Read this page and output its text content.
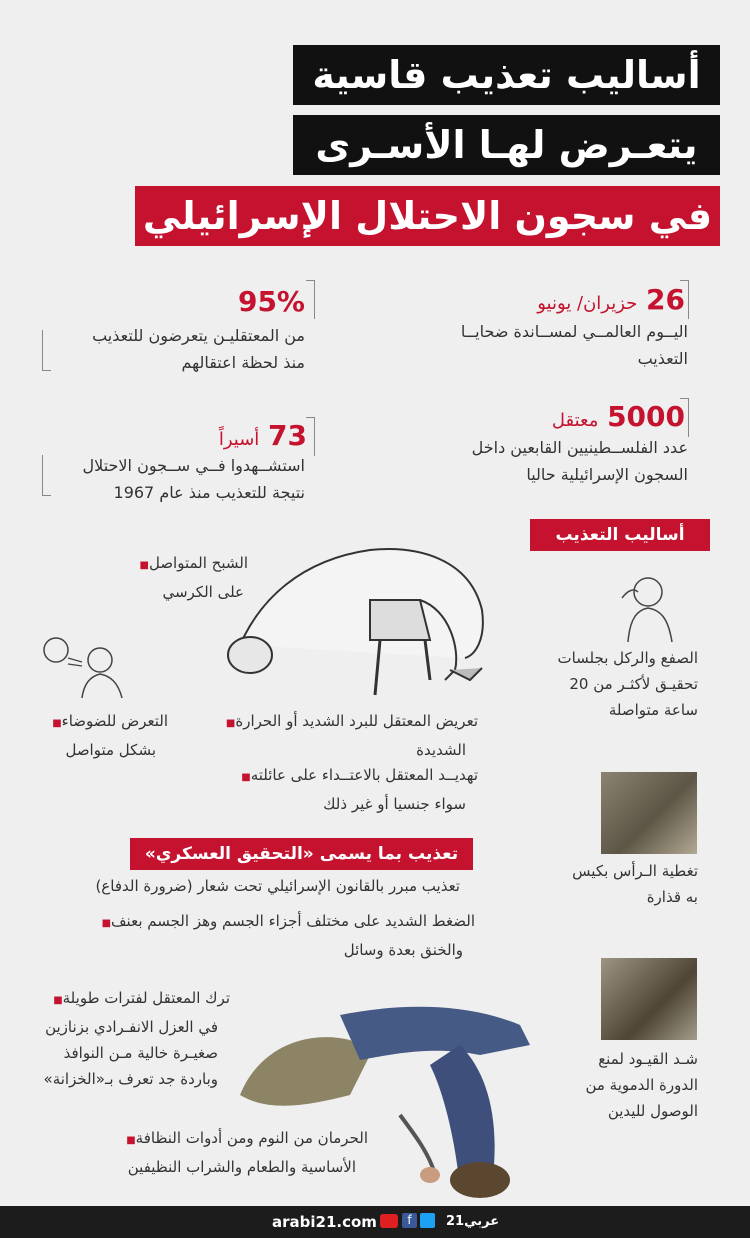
أساليب تعذيب قاسية
يتعـرض لهـا الأسـرى
في سجون الاحتلال الإسرائيلي
26 حزيران/ يونيو
اليــوم العالمــي لمســاندة ضحايــا
التعذيب
95%
من المعتقليـن يتعرضون للتعذيب
منذ لحظة اعتقالهم
5000 معتقل
عدد الفلســطينيين القابعين داخل
السجون الإسرائيلية حاليا
73 أسيراً
استشــهدوا فــي ســجون الاحتلال
نتيجة للتعذيب منذ عام 1967
أساليب التعذيب
الشبح المتواصل■
على الكرسي
الصفع والركل بجلسات
تحقيـق لأكثـر من 20
ساعة متواصلة
التعرض للضوضاء■
بشكل متواصل
تعريض المعتقل للبرد الشديد أو الحرارة■
الشديدة
تهديــد المعتقل بالاعتــداء على عائلته■
سواء جنسيا أو غير ذلك
تغطية الـرأس بكيس
به قذارة
تعذيب بما يسمى «التحقيق العسكري»
تعذيب مبرر بالقانون الإسرائيلي تحت شعار (ضرورة الدفاع)
الضغط الشديد على مختلف أجزاء الجسم وهز الجسم بعنف■
والخنق بعدة وسائل
شـد القيـود لمنع
الدورة الدموية من
الوصول لليدين
ترك المعتقل لفترات طويلة■
في العزل الانفـرادي بزنازين
صغيـرة خالية مـن النوافذ
وباردة جد تعرف بـ«الخزانة»
الحرمان من النوم ومن أدوات النظافة■
الأساسية والطعام والشراب النظيفين
arabi21.com	f	عربي21
